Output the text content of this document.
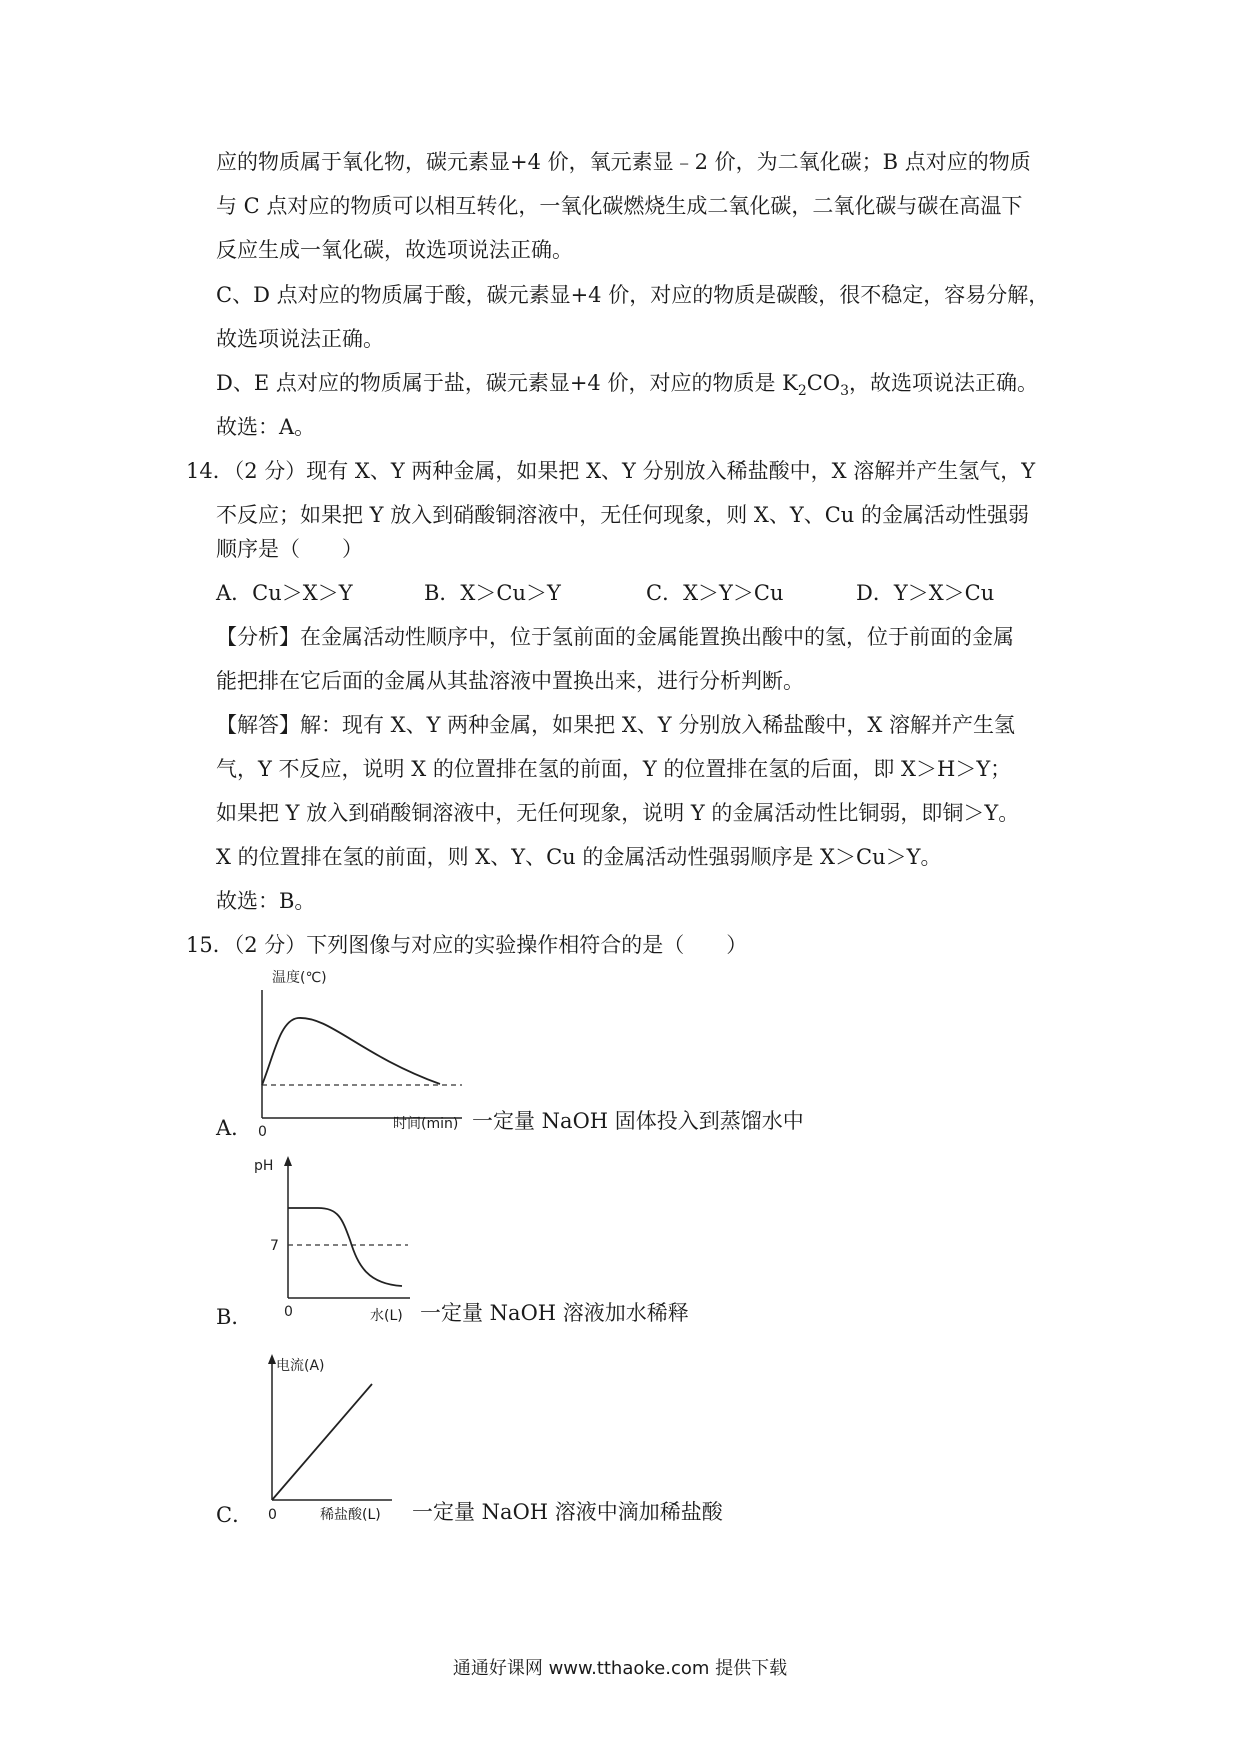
应的物质属于氧化物，碳元素显+4 价，氧元素显﹣2 价，为二氧化碳；B 点对应的物质
与 C 点对应的物质可以相互转化，一氧化碳燃烧生成二氧化碳，二氧化碳与碳在高温下
反应生成一氧化碳，故选项说法正确。
C、D 点对应的物质属于酸，碳元素显+4 价，对应的物质是碳酸，很不稳定，容易分解，
故选项说法正确。
D、E 点对应的物质属于盐，碳元素显+4 价，对应的物质是 $K_2CO_3$，故选项说法正确。
故选：A。
14．（2 分）现有 X、Y 两种金属，如果把 X、Y 分别放入稀盐酸中，X 溶解并产生氢气，Y
不反应；如果把 Y 放入到硝酸铜溶液中，无任何现象，则 X、Y、Cu 的金属活动性强弱
顺序是（　　）
A．Cu＞X＞Y	B．X＞Cu＞Y	C．X＞Y＞Cu	D．Y＞X＞Cu
【分析】在金属活动性顺序中，位于氢前面的金属能置换出酸中的氢，位于前面的金属
能把排在它后面的金属从其盐溶液中置换出来，进行分析判断。
【解答】解：现有 X、Y 两种金属，如果把 X、Y 分别放入稀盐酸中，X 溶解并产生氢
气，Y 不反应，说明 X 的位置排在氢的前面，Y 的位置排在氢的后面，即 X＞H＞Y；
如果把 Y 放入到硝酸铜溶液中，无任何现象，说明 Y 的金属活动性比铜弱，即铜＞Y。
X 的位置排在氢的前面，则 X、Y、Cu 的金属活动性强弱顺序是 X＞Cu＞Y。
故选：B。
15．（2 分）下列图像与对应的实验操作相符合的是（　　）
温度(℃)
0
A．	时间(min) 一定量 NaOH 固体投入到蒸馏水中
pH
7
0
B．	水(L) 一定量 NaOH 溶液加水稀释
电流(A)
0
C．	稀盐酸(L) 一定量 NaOH 溶液中滴加稀盐酸
通通好课网 www.tthaoke.com 提供下载
